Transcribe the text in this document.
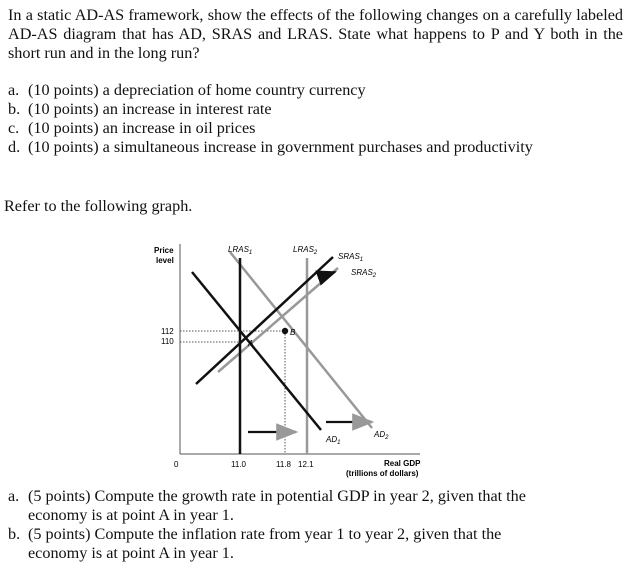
In a static AD-AS framework, show the effects of the following changes on a carefully labeled AD-AS diagram that has AD, SRAS and LRAS. State what happens to P and Y both in the short run and in the long run?
a. (10 points) a depreciation of home country currency
b. (10 points) an increase in interest rate
c. (10 points) an increase in oil prices
d. (10 points) a simultaneous increase in government purchases and productivity
Refer to the following graph.
Price
level
Real GDP
(trillions of dollars)
112
110
0	11.0	11.8 12.1
A
B
$LRAS_1$	$LRAS_2$	$SRAS_1$
$SRAS_2$
$AD_1$
$AD_2$
a. (5 points) Compute the growth rate in potential GDP in year 2, given that the
economy is at point A in year 1.
b. (5 points) Compute the inflation rate from year 1 to year 2, given that the
economy is at point A in year 1.
